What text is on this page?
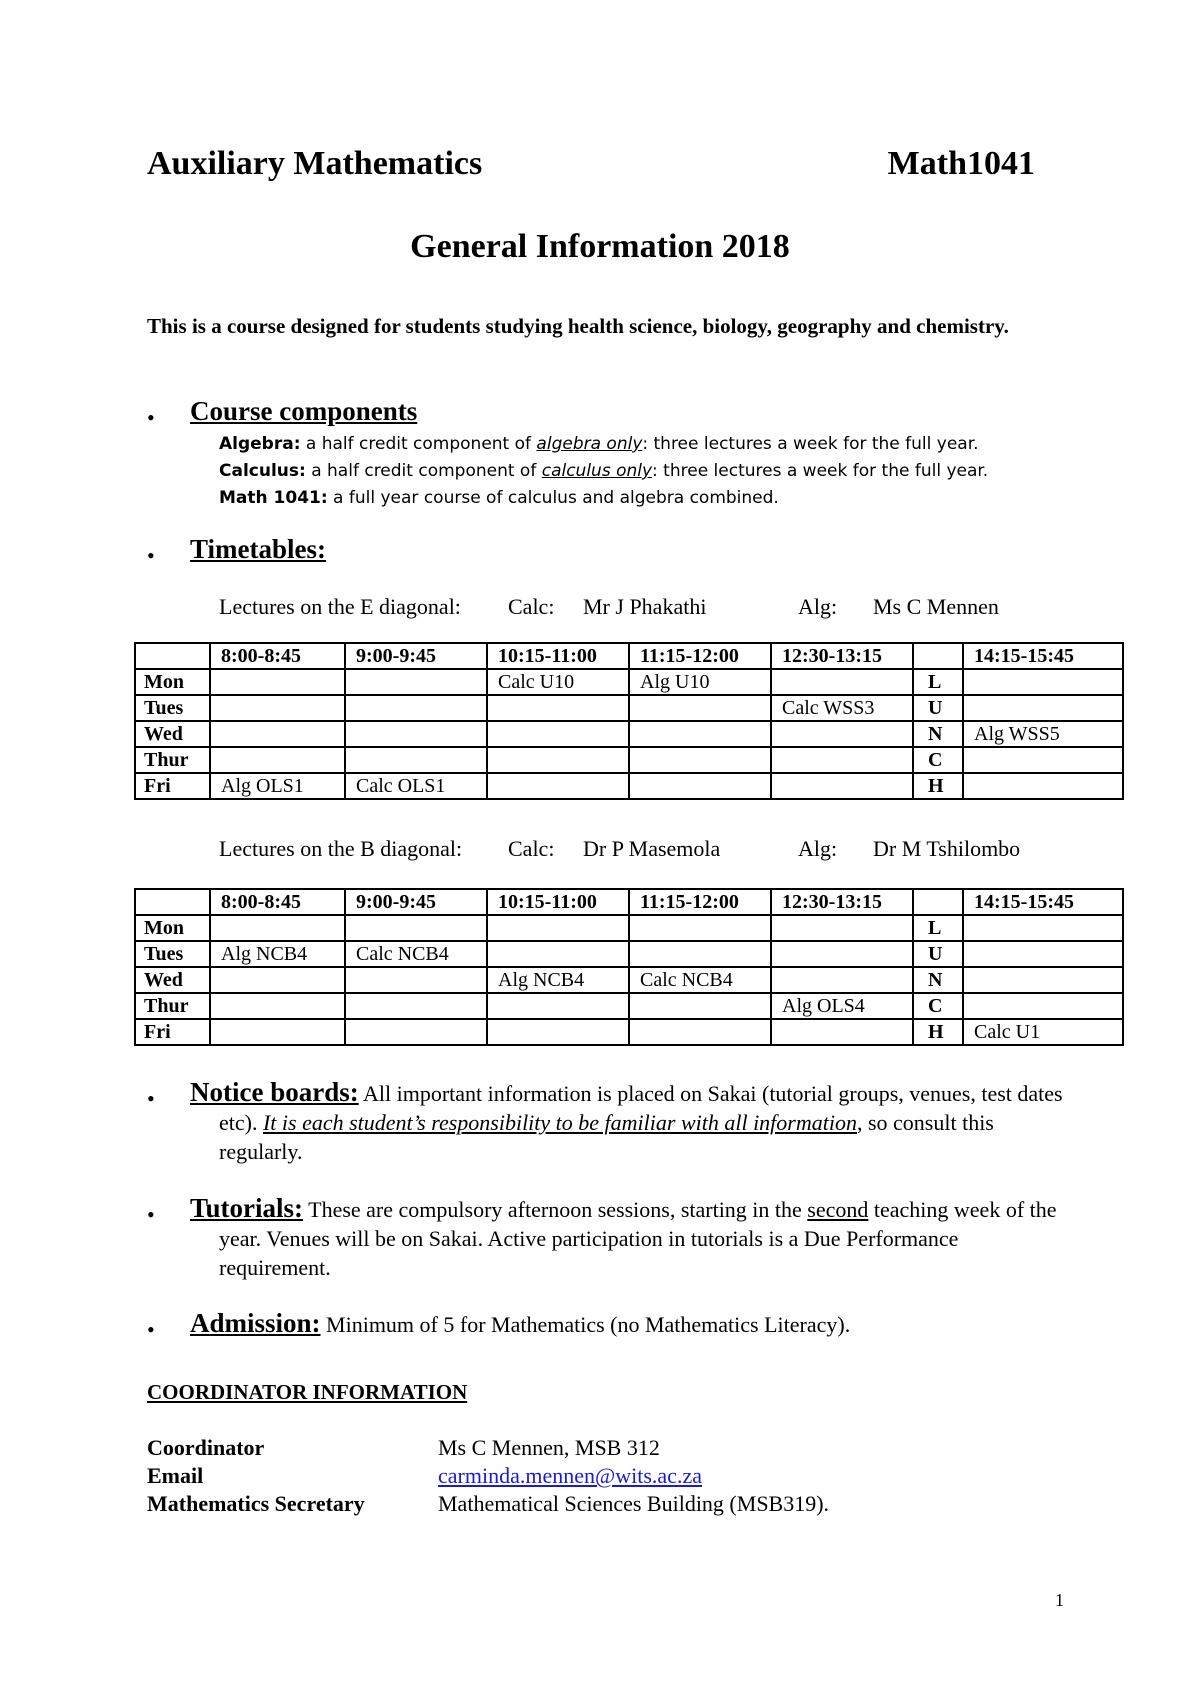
Auxiliary Mathematics	Math1041
General Information 2018
This is a course designed for students studying health science, biology, geography and chemistry.
• Course components
Algebra: a half credit component of algebra only: three lectures a week for the full year.
Calculus: a half credit component of calculus only: three lectures a week for the full year.
Math 1041: a full year course of calculus and algebra combined.
• Timetables:
Lectures on the E diagonal: Calc: Mr J Phakathi	Alg: Ms C Mennen
	8:00-8:45	9:00-9:45	10:15-11:00	11:15-12:00	12:30-13:15		14:15-15:45
Mon			Calc U10	Alg U10		L	
Tues					Calc WSS3	U	
Wed						N	Alg WSS5
Thur						C	
Fri	Alg OLS1	Calc OLS1				H	
Lectures on the B diagonal: Calc: Dr P Masemola	Alg: Dr M Tshilombo
	8:00-8:45	9:00-9:45	10:15-11:00	11:15-12:00	12:30-13:15		14:15-15:45
Mon						L	
Tues	Alg NCB4	Calc NCB4				U	
Wed			Alg NCB4	Calc NCB4		N	
Thur					Alg OLS4	C	
Fri						H	Calc U1
• Notice boards: All important information is placed on Sakai (tutorial groups, venues, test dates etc). It is each student’s responsibility to be familiar with all information, so consult this regularly.
• Tutorials: These are compulsory afternoon sessions, starting in the second teaching week of the year. Venues will be on Sakai. Active participation in tutorials is a Due Performance requirement.
• Admission: Minimum of 5 for Mathematics (no Mathematics Literacy).
COORDINATOR INFORMATION
Coordinator	Ms C Mennen, MSB 312
Email	carminda.mennen@wits.ac.za
Mathematics Secretary	Mathematical Sciences Building (MSB319).
1
